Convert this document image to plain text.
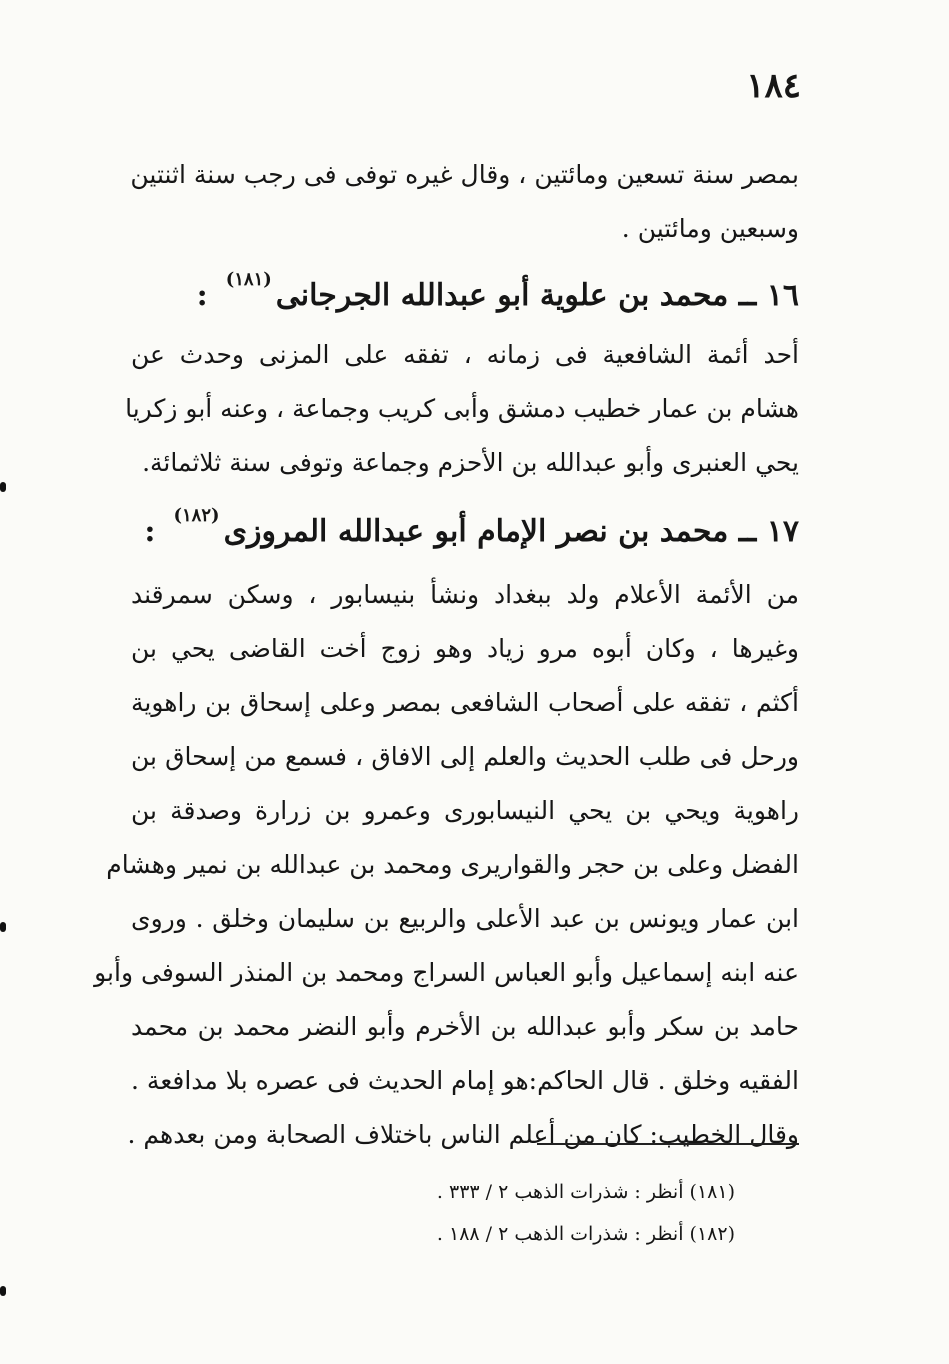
١٨٤
بمصر سنة تسعين ومائتين ، وقال غيره توفى فى رجب سنة اثنتين
وسبعين ومائتين .
١٦ ــ محمد بن علوية أبو عبدالله الجرجانى$^{(١٨١)}$:
أحد أئمة الشافعية فى زمانه ، تفقه على المزنى وحدث عن
هشام بن عمار خطيب دمشق وأبى كريب وجماعة ، وعنه أبو زكريا
يحي العنبرى وأبو عبدالله بن الأحزم وجماعة وتوفى سنة ثلاثمائة.
١٧ ــ محمد بن نصر الإمام أبو عبدالله المروزى$^{(١٨٢)}$:
من الأئمة الأعلام ولد ببغداد ونشأ بنيسابور ، وسكن سمرقند
وغيرها ، وكان أبوه مرو زياد وهو زوج أخت القاضى يحي بن
أكثم ، تفقه على أصحاب الشافعى بمصر وعلى إسحاق بن راهوية
ورحل فى طلب الحديث والعلم إلى الافاق ، فسمع من إسحاق بن
راهوية ويحي بن يحي النيسابورى وعمرو بن زرارة وصدقة بن
الفضل وعلى بن حجر والقواريرى ومحمد بن عبدالله بن نمير وهشام
ابن عمار ويونس بن عبد الأعلى والربيع بن سليمان وخلق . وروى
عنه ابنه إسماعيل وأبو العباس السراج ومحمد بن المنذر السوفى وأبو
حامد بن سكر وأبو عبدالله بن الأخرم وأبو النضر محمد بن محمد
الفقيه وخلق . قال الحاكم:هو إمام الحديث فى عصره بلا مدافعة .
وقال الخطيب: كان من أعلم الناس باختلاف الصحابة ومن بعدهم .
(١٨١) أنظر : شذرات الذهب ٢ / ٣٣٣ .
(١٨٢) أنظر : شذرات الذهب ٢ / ١٨٨ .
